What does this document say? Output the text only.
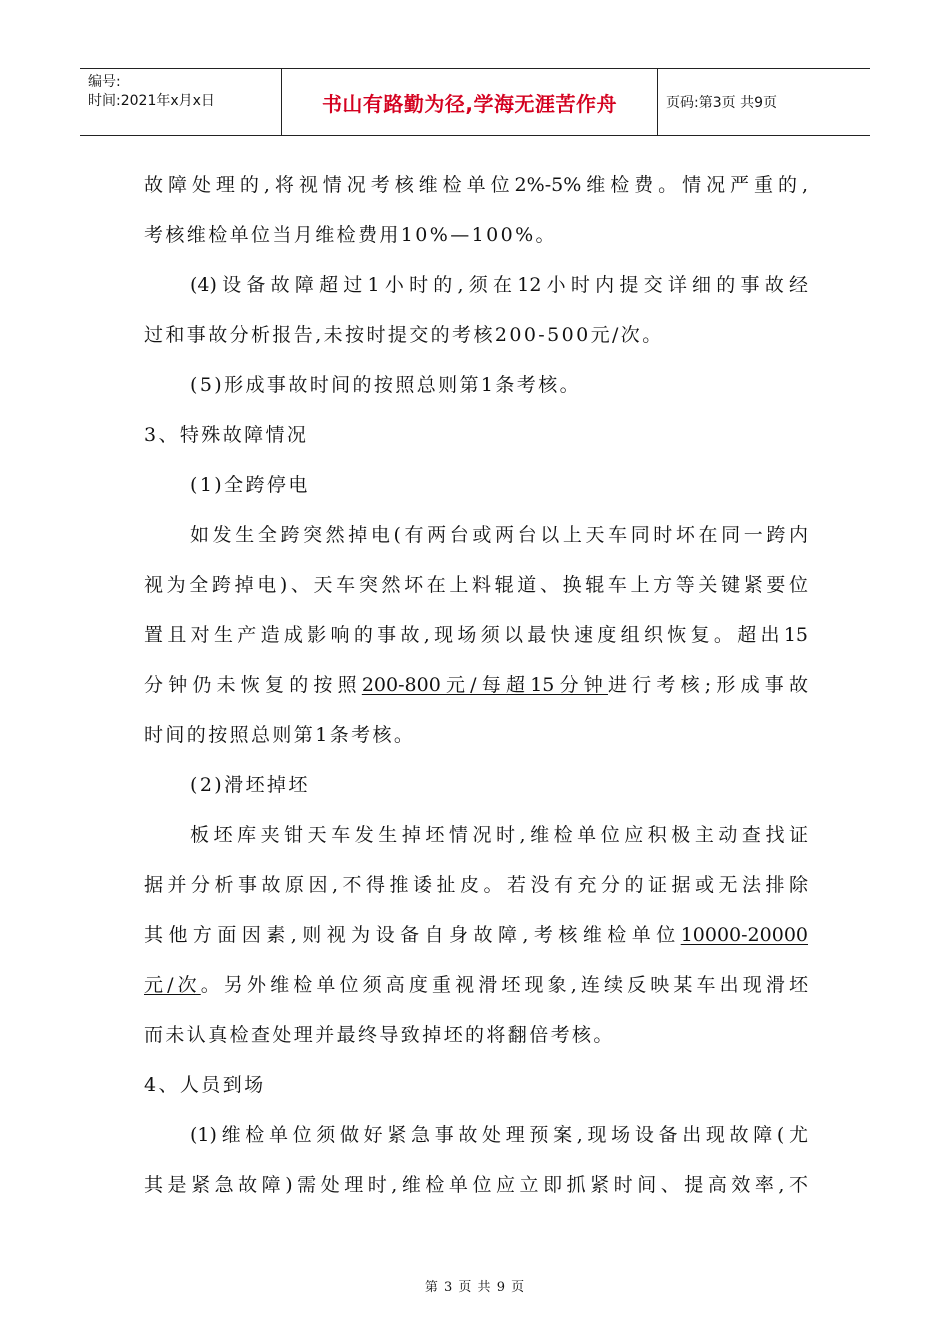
编号:
时间:2021年x月x日	书山有路勤为径,学海无涯苦作舟	页码:第3页 共9页
故障处理的,将视情况考核维检单位2%-5%维检费。情况严重的,
考核维检单位当月维检费用10%—100%。
(4)设备故障超过1小时的,须在12小时内提交详细的事故经
过和事故分析报告,未按时提交的考核200-500元/次。
(5)形成事故时间的按照总则第1条考核。
3、特殊故障情况
(1)全跨停电
如发生全跨突然掉电(有两台或两台以上天车同时坏在同一跨内
视为全跨掉电)、天车突然坏在上料辊道、换辊车上方等关键紧要位
置且对生产造成影响的事故,现场须以最快速度组织恢复。超出15
分钟仍未恢复的按照200-800元/每超15分钟进行考核;形成事故
时间的按照总则第1条考核。
(2)滑坯掉坯
板坯库夹钳天车发生掉坯情况时,维检单位应积极主动查找证
据并分析事故原因,不得推诿扯皮。若没有充分的证据或无法排除
其他方面因素,则视为设备自身故障,考核维检单位10000-20000
元/次。另外维检单位须高度重视滑坯现象,连续反映某车出现滑坯
而未认真检查处理并最终导致掉坯的将翻倍考核。
4、人员到场
(1)维检单位须做好紧急事故处理预案,现场设备出现故障(尤
其是紧急故障)需处理时,维检单位应立即抓紧时间、提高效率,不
第 3 页 共 9 页
